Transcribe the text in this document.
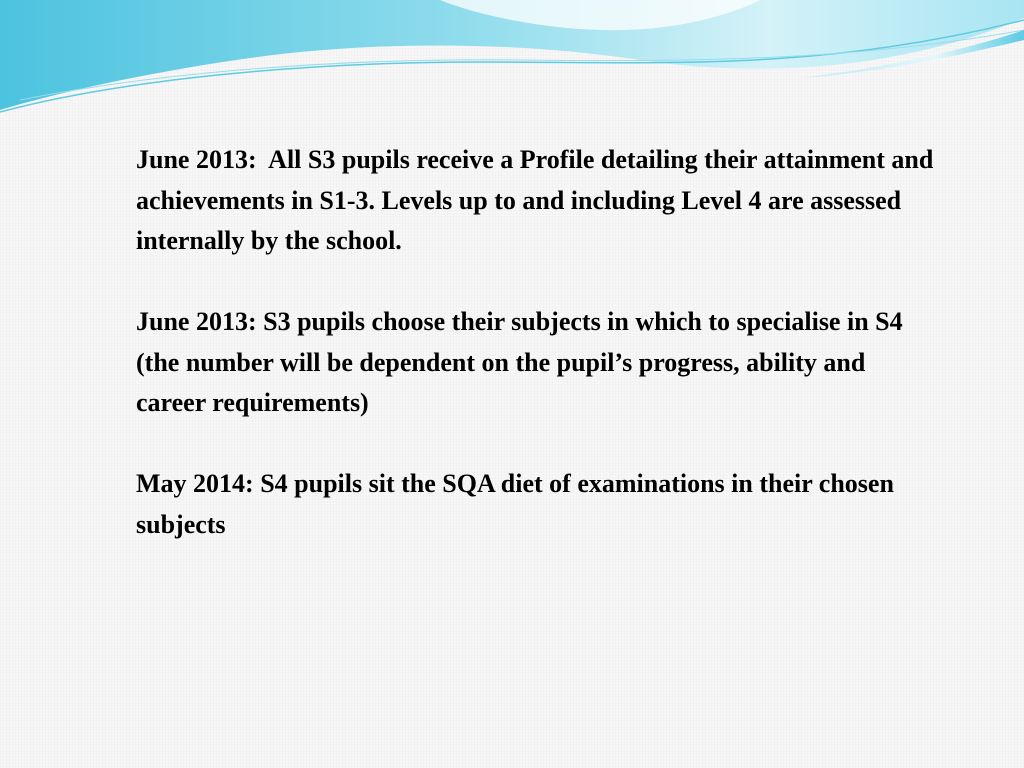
June 2013:  All S3 pupils receive a Profile detailing their attainment and achievements in S1-3. Levels up to and including Level 4 are assessed internally by the school.

June 2013: S3 pupils choose their subjects in which to specialise in S4 (the number will be dependent on the pupil’s progress, ability and career requirements)

May 2014: S4 pupils sit the SQA diet of examinations in their chosen subjects
